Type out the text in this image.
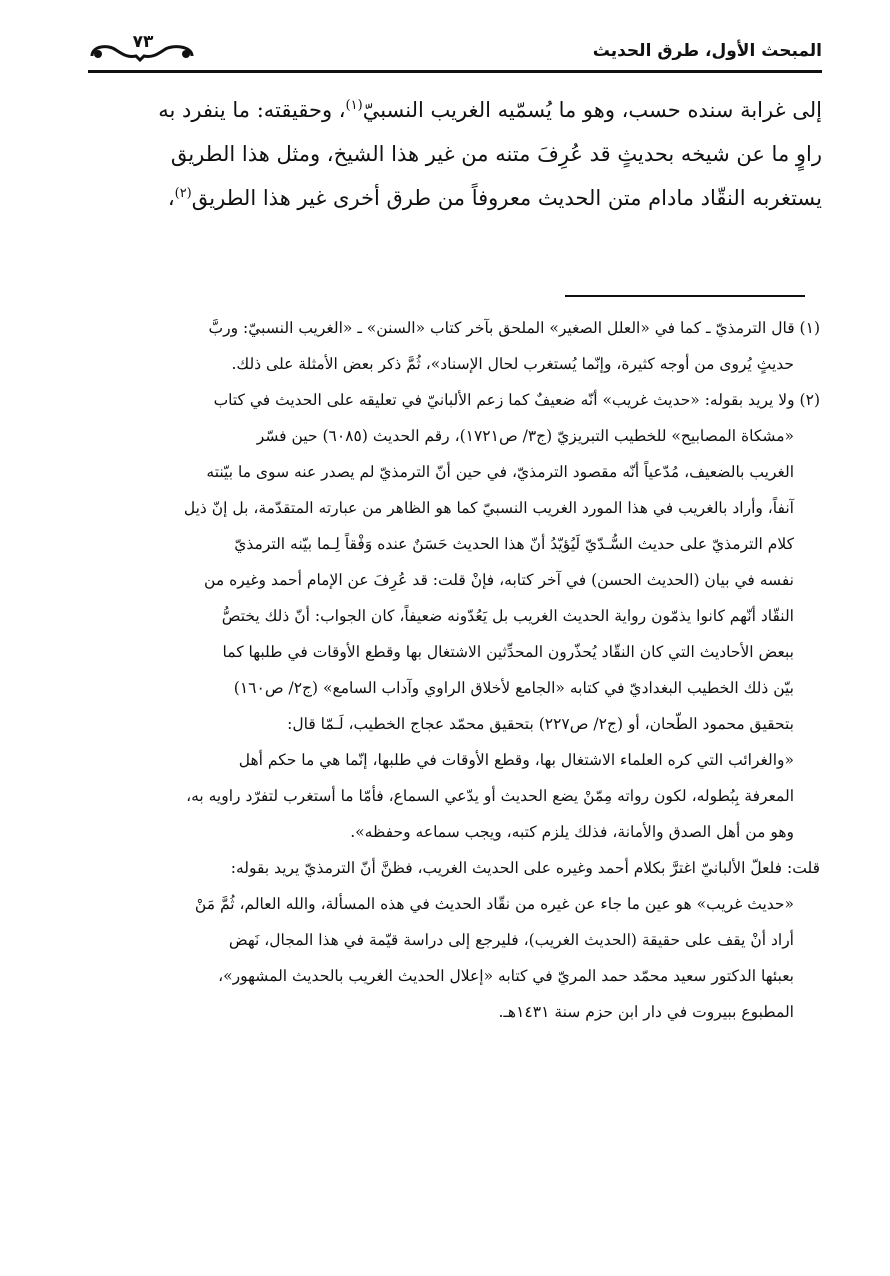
المبحث الأول، طرق الحديث
٧٣
إلى غرابة سنده حسب، وهو ما يُسمّيه الغريب النسبيّ$^{(١)}$، وحقيقته: ما ينفرد به
راوٍ ما عن شيخه بحديثٍ قد عُرِفَ متنه من غير هذا الشيخ، ومثل هذا الطريق
يستغربه النقّاد مادام متن الحديث معروفاً من طرق أخرى غير هذا الطريق$^{(٢)}$،
(١) قال الترمذيّ ـ كما في «العلل الصغير» الملحق بآخر كتاب «السنن» ـ «الغريب النسبيّ: وربَّ
حديثٍ يُروى من أوجه كثيرة، وإنّما يُستغرب لحال الإسناد»، ثُمَّ ذكر بعض الأمثلة على ذلك.
(٢) ولا يريد بقوله: «حديث غريب» أنّه ضعيفٌ كما زعم الألبانيّ في تعليقه على الحديث في كتاب
«مشكاة المصابيح» للخطيب التبريزيّ (ج٣/ ص١٧٢١)، رقم الحديث (٦٠٨٥) حين فسّر
الغريب بالضعيف، مُدّعياً أنّه مقصود الترمذيّ، في حين أنّ الترمذيّ لم يصدر عنه سوى ما بيّنته
آنفاً، وأراد بالغريب في هذا المورد الغريب النسبيّ كما هو الظاهر من عبارته المتقدّمة، بل إنّ ذيل
كلام الترمذيّ على حديث السُّـدّيّ لَيُؤيّدُ أنّ هذا الحديث حَسَنٌ عنده وَفْقاً لِـما بيّنه الترمذيّ
نفسه في بيان (الحديث الحسن) في آخر كتابه، فإنْ قلت: قد عُرِفَ عن الإمام أحمد وغيره من
النقّاد أنّهم كانوا يذمّون رواية الحديث الغريب بل يَعُدّونه ضعيفاً، كان الجواب: أنّ ذلك يختصُّ
ببعض الأحاديث التي كان النقّاد يُحذّرون المحدِّثين الاشتغال بها وقطع الأوقات في طلبها كما
بيّن ذلك الخطيب البغداديّ في كتابه «الجامع لأخلاق الراوي وآداب السامع» (ج٢/ ص١٦٠)
بتحقيق محمود الطّحان، أو (ج٢/ ص٢٢٧) بتحقيق محمّد عجاج الخطيب، لَـمّا قال:
«والغرائب التي كره العلماء الاشتغال بها، وقطع الأوقات في طلبها، إنّما هي ما حكم أهل
المعرفة بِبُطوله، لكون رواته مِمّنْ يضع الحديث أو يدّعي السماع، فأمّا ما أستغرب لتفرّد راويه به،
وهو من أهل الصدق والأمانة، فذلك يلزم كتبه، ويجب سماعه وحفظه».
قلت: فلعلّ الألبانيّ اغترَّ بكلام أحمد وغيره على الحديث الغريب، فظنَّ أنّ الترمذيّ يريد بقوله:
«حديث غريب» هو عين ما جاء عن غيره من نقّاد الحديث في هذه المسألة، والله العالم، ثُمَّ مَنْ
أراد أنْ يقف على حقيقة (الحديث الغريب)، فليرجع إلى دراسة قيّمة في هذا المجال، نَهض
بعبئها الدكتور سعيد محمّد حمد المريّ في كتابه «إعلال الحديث الغريب بالحديث المشهور»،
المطبوع ببيروت في دار ابن حزم سنة ١٤٣١هـ.
